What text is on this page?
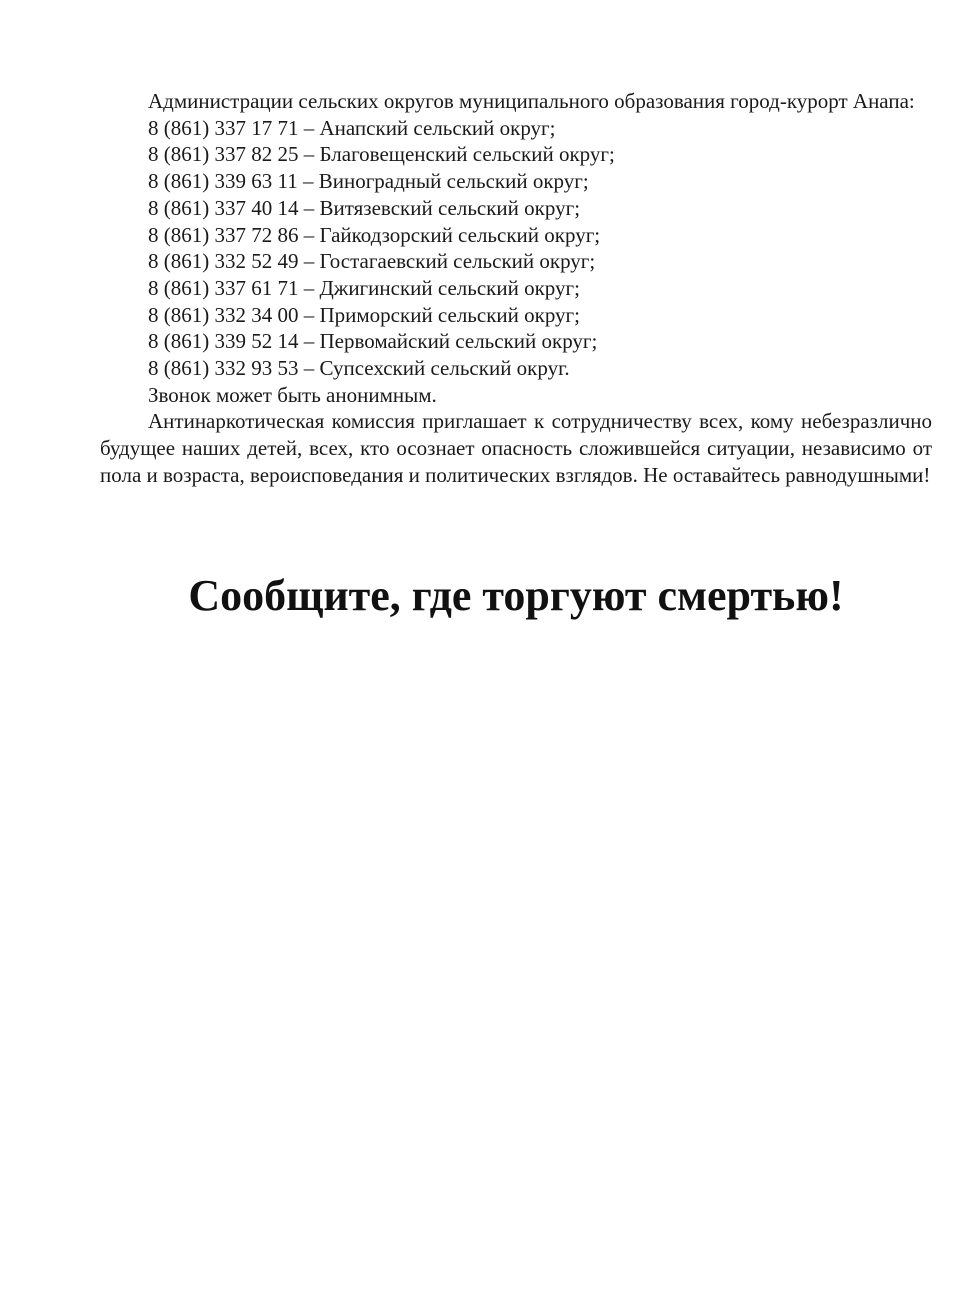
Администрации сельских округов муниципального образования город-курорт Анапа:

8 (861) 337 17 71 – Анапский сельский округ;
8 (861) 337 82 25 – Благовещенский сельский округ;
8 (861) 339 63 11 – Виноградный сельский округ;
8 (861) 337 40 14 – Витязевский сельский округ;
8 (861) 337 72 86 – Гайкодзорский сельский округ;
8 (861) 332 52 49 – Гостагаевский сельский округ;
8 (861) 337 61 71 – Джигинский сельский округ;
8 (861) 332 34 00 – Приморский сельский округ;
8 (861) 339 52 14 – Первомайский сельский округ;
8 (861) 332 93 53 – Супсехский сельский округ.

Звонок может быть анонимным.

Антинаркотическая комиссия приглашает к сотрудничеству всех, кому небезразлично будущее наших детей, всех, кто осознает опасность сложившейся ситуации, независимо от пола и возраста, вероисповедания и политических взглядов. Не оставайтесь равнодушными!

Сообщите, где торгуют смертью!
